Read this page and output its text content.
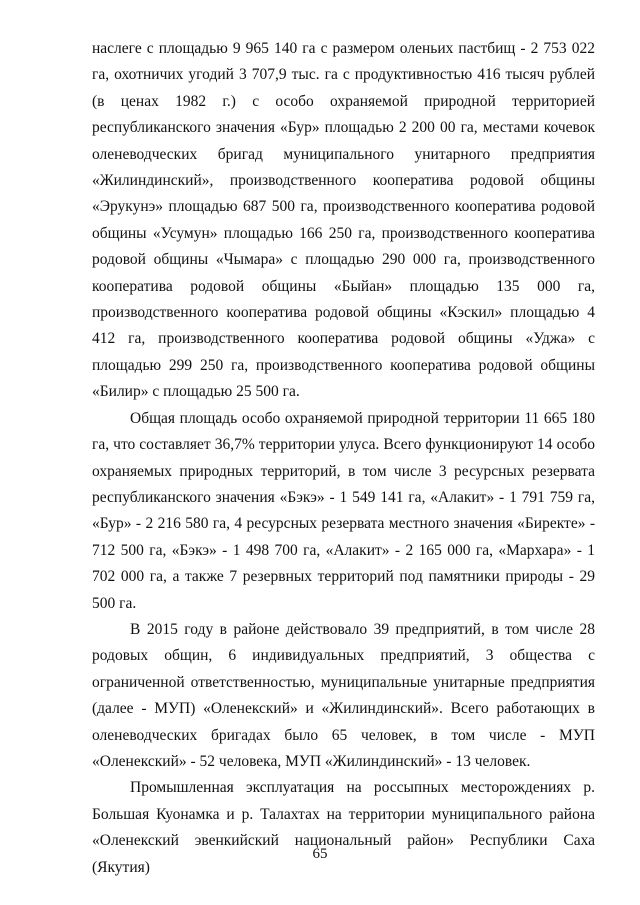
наслеге с площадью 9 965 140 га с размером оленьих пастбищ - 2 753 022 га, охотничих угодий 3 707,9 тыс. га с продуктивностью 416 тысяч рублей (в ценах 1982 г.) с особо охраняемой природной территорией республиканского значения «Бур» площадью 2 200 00 га, местами кочевок оленеводческих бригад муниципального унитарного предприятия «Жилиндинский», производственного кооператива родовой общины «Эрукунэ» площадью 687 500 га, производственного кооператива родовой общины «Усумун» площадью 166 250 га, производственного кооператива родовой общины «Чымара» с площадью 290 000 га, производственного кооператива родовой общины «Быйан» площадью 135 000 га, производственного кооператива родовой общины «Кэскил» площадью 4 412 га, производственного кооператива родовой общины «Уджа» с площадью 299 250 га, производственного кооператива родовой общины «Билир» с площадью 25 500 га.

Общая площадь особо охраняемой природной территории 11 665 180 га, что составляет 36,7% территории улуса. Всего функционируют 14 особо охраняемых природных территорий, в том числе 3 ресурсных резервата республиканского значения «Бэкэ» - 1 549 141 га, «Алакит» - 1 791 759 га, «Бур» - 2 216 580 га, 4 ресурсных резервата местного значения «Биректе» - 712 500 га, «Бэкэ» - 1 498 700 га, «Алакит» - 2 165 000 га, «Мархара» - 1 702 000 га, а также 7 резервных территорий под памятники природы - 29 500 га.

В 2015 году в районе действовало 39 предприятий, в том числе 28 родовых общин, 6 индивидуальных предприятий, 3 общества с ограниченной ответственностью, муниципальные унитарные предприятия (далее - МУП) «Оленекский» и «Жилиндинский». Всего работающих в оленеводческих бригадах было 65 человек, в том числе - МУП «Оленекский» - 52 человека, МУП «Жилиндинский» - 13 человек.

Промышленная эксплуатация на россыпных месторождениях р. Большая Куонамка и р. Талахтах на территории муниципального района «Оленекский эвенкийский национальный район» Республики Саха (Якутия)

65
